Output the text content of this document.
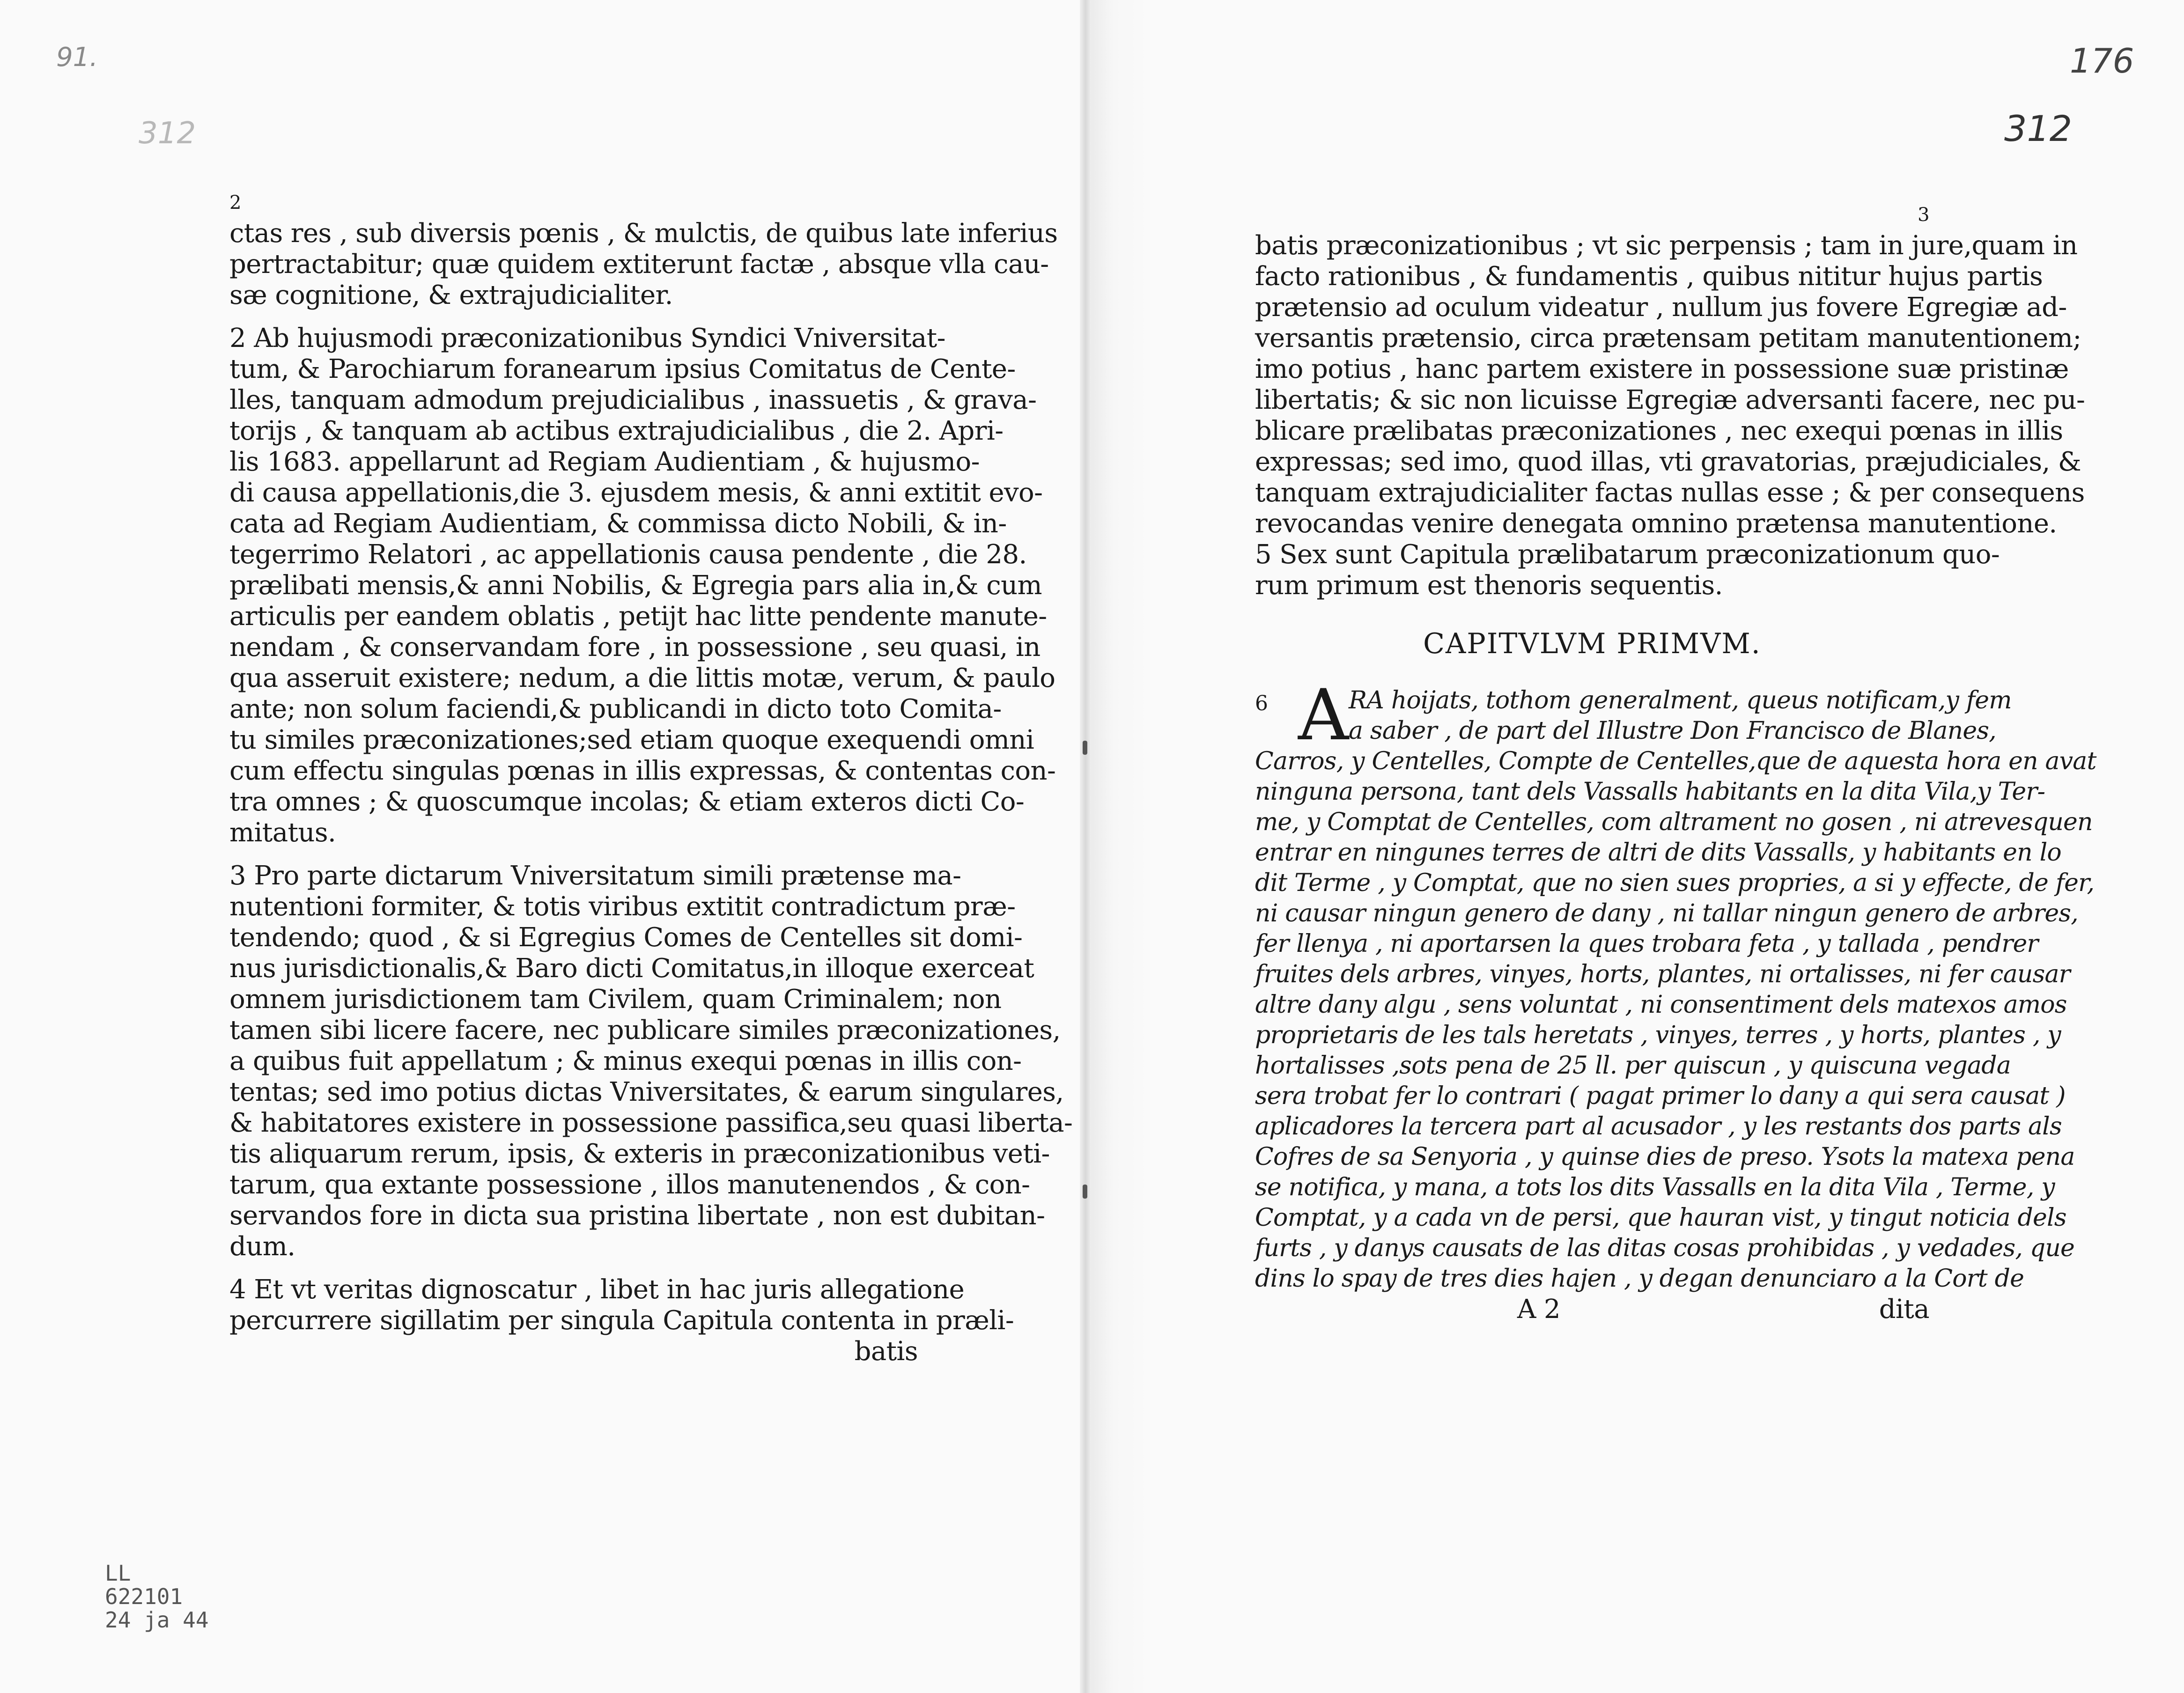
91.
312
176
312
2
ctas res , sub diversis pœnis , & mulctis, de quibus late inferius
pertractabitur; quæ quidem extiterunt factæ , absque vlla cau-
sæ cognitione, & extrajudicialiter.
2 Ab hujusmodi præconizationibus Syndici Vniversitat-
tum, & Parochiarum foranearum ipsius Comitatus de Cente-
lles, tanquam admodum prejudicialibus , inassuetis , & grava-
torijs , & tanquam ab actibus extrajudicialibus , die 2. Apri-
lis 1683. appellarunt ad Regiam Audientiam , & hujusmo-
di causa appellationis,die 3. ejusdem mesis, & anni extitit evo-
cata ad Regiam Audientiam, & commissa dicto Nobili, & in-
tegerrimo Relatori , ac appellationis causa pendente , die 28.
prælibati mensis,& anni Nobilis, & Egregia pars alia in,& cum
articulis per eandem oblatis , petijt hac litte pendente manute-
nendam , & conservandam fore , in possessione , seu quasi, in
qua asseruit existere; nedum, a die littis motæ, verum, & paulo
ante; non solum faciendi,& publicandi in dicto toto Comita-
tu similes præconizationes;sed etiam quoque exequendi omni
cum effectu singulas pœnas in illis expressas, & contentas con-
tra omnes ; & quoscumque incolas; & etiam exteros dicti Co-
mitatus.
3 Pro parte dictarum Vniversitatum simili prætense ma-
nutentioni formiter, & totis viribus extitit contradictum præ-
tendendo; quod , & si Egregius Comes de Centelles sit domi-
nus jurisdictionalis,& Baro dicti Comitatus,in illoque exerceat
omnem jurisdictionem tam Civilem, quam Criminalem; non
tamen sibi licere facere, nec publicare similes præconizationes,
a quibus fuit appellatum ; & minus exequi pœnas in illis con-
tentas; sed imo potius dictas Vniversitates, & earum singulares,
& habitatores existere in possessione passifica,seu quasi liberta-
tis aliquarum rerum, ipsis, & exteris in præconizationibus veti-
tarum, qua extante possessione , illos manutenendos , & con-
servandos fore in dicta sua pristina libertate , non est dubitan-
dum.
4 Et vt veritas dignoscatur , libet in hac juris allegatione
percurrere sigillatim per singula Capitula contenta in præli-
batis
3
batis præconizationibus ; vt sic perpensis ; tam in jure,quam in
facto rationibus , & fundamentis , quibus nititur hujus partis
prætensio ad oculum videatur , nullum jus fovere Egregiæ ad-
versantis prætensio, circa prætensam petitam manutentionem;
imo potius , hanc partem existere in possessione suæ pristinæ
libertatis; & sic non licuisse Egregiæ adversanti facere, nec pu-
blicare prælibatas præconizationes , nec exequi pœnas in illis
expressas; sed imo, quod illas, vti gravatorias, præjudiciales, &
tanquam extrajudicialiter factas nullas esse ; & per consequens
revocandas venire denegata omnino prætensa manutentione.
5 Sex sunt Capitula prælibatarum præconizationum quo-
rum primum est thenoris sequentis.
CAPITVLVM PRIMVM.
6 A RA hoijats, tothom generalment, queus notificam,y fem
a saber , de part del Illustre Don Francisco de Blanes,
Carros, y Centelles, Compte de Centelles,que de aquesta hora en avat
ninguna persona, tant dels Vassalls habitants en la dita Vila,y Ter-
me, y Comptat de Centelles, com altrament no gosen , ni atrevesquen
entrar en ningunes terres de altri de dits Vassalls, y habitants en lo
dit Terme , y Comptat, que no sien sues propries, a si y effecte, de fer,
ni causar ningun genero de dany , ni tallar ningun genero de arbres,
fer llenya , ni aportarsen la ques trobara feta , y tallada , pendrer
fruites dels arbres, vinyes, horts, plantes, ni ortalisses, ni fer causar
altre dany algu , sens voluntat , ni consentiment dels matexos amos
proprietaris de les tals heretats , vinyes, terres , y horts, plantes , y
hortalisses ,sots pena de 25 ll. per quiscun , y quiscuna vegada
sera trobat fer lo contrari ( pagat primer lo dany a qui sera causat )
aplicadores la tercera part al acusador , y les restants dos parts als
Cofres de sa Senyoria , y quinse dies de preso. Ysots la matexa pena
se notifica, y mana, a tots los dits Vassalls en la dita Vila , Terme, y
Comptat, y a cada vn de persi, que hauran vist, y tingut noticia dels
furts , y danys causats de las ditas cosas prohibidas , y vedades, que
dins lo spay de tres dies hajen , y degan denunciaro a la Cort de
A 2	dita
LL
622101
24 ja 44
